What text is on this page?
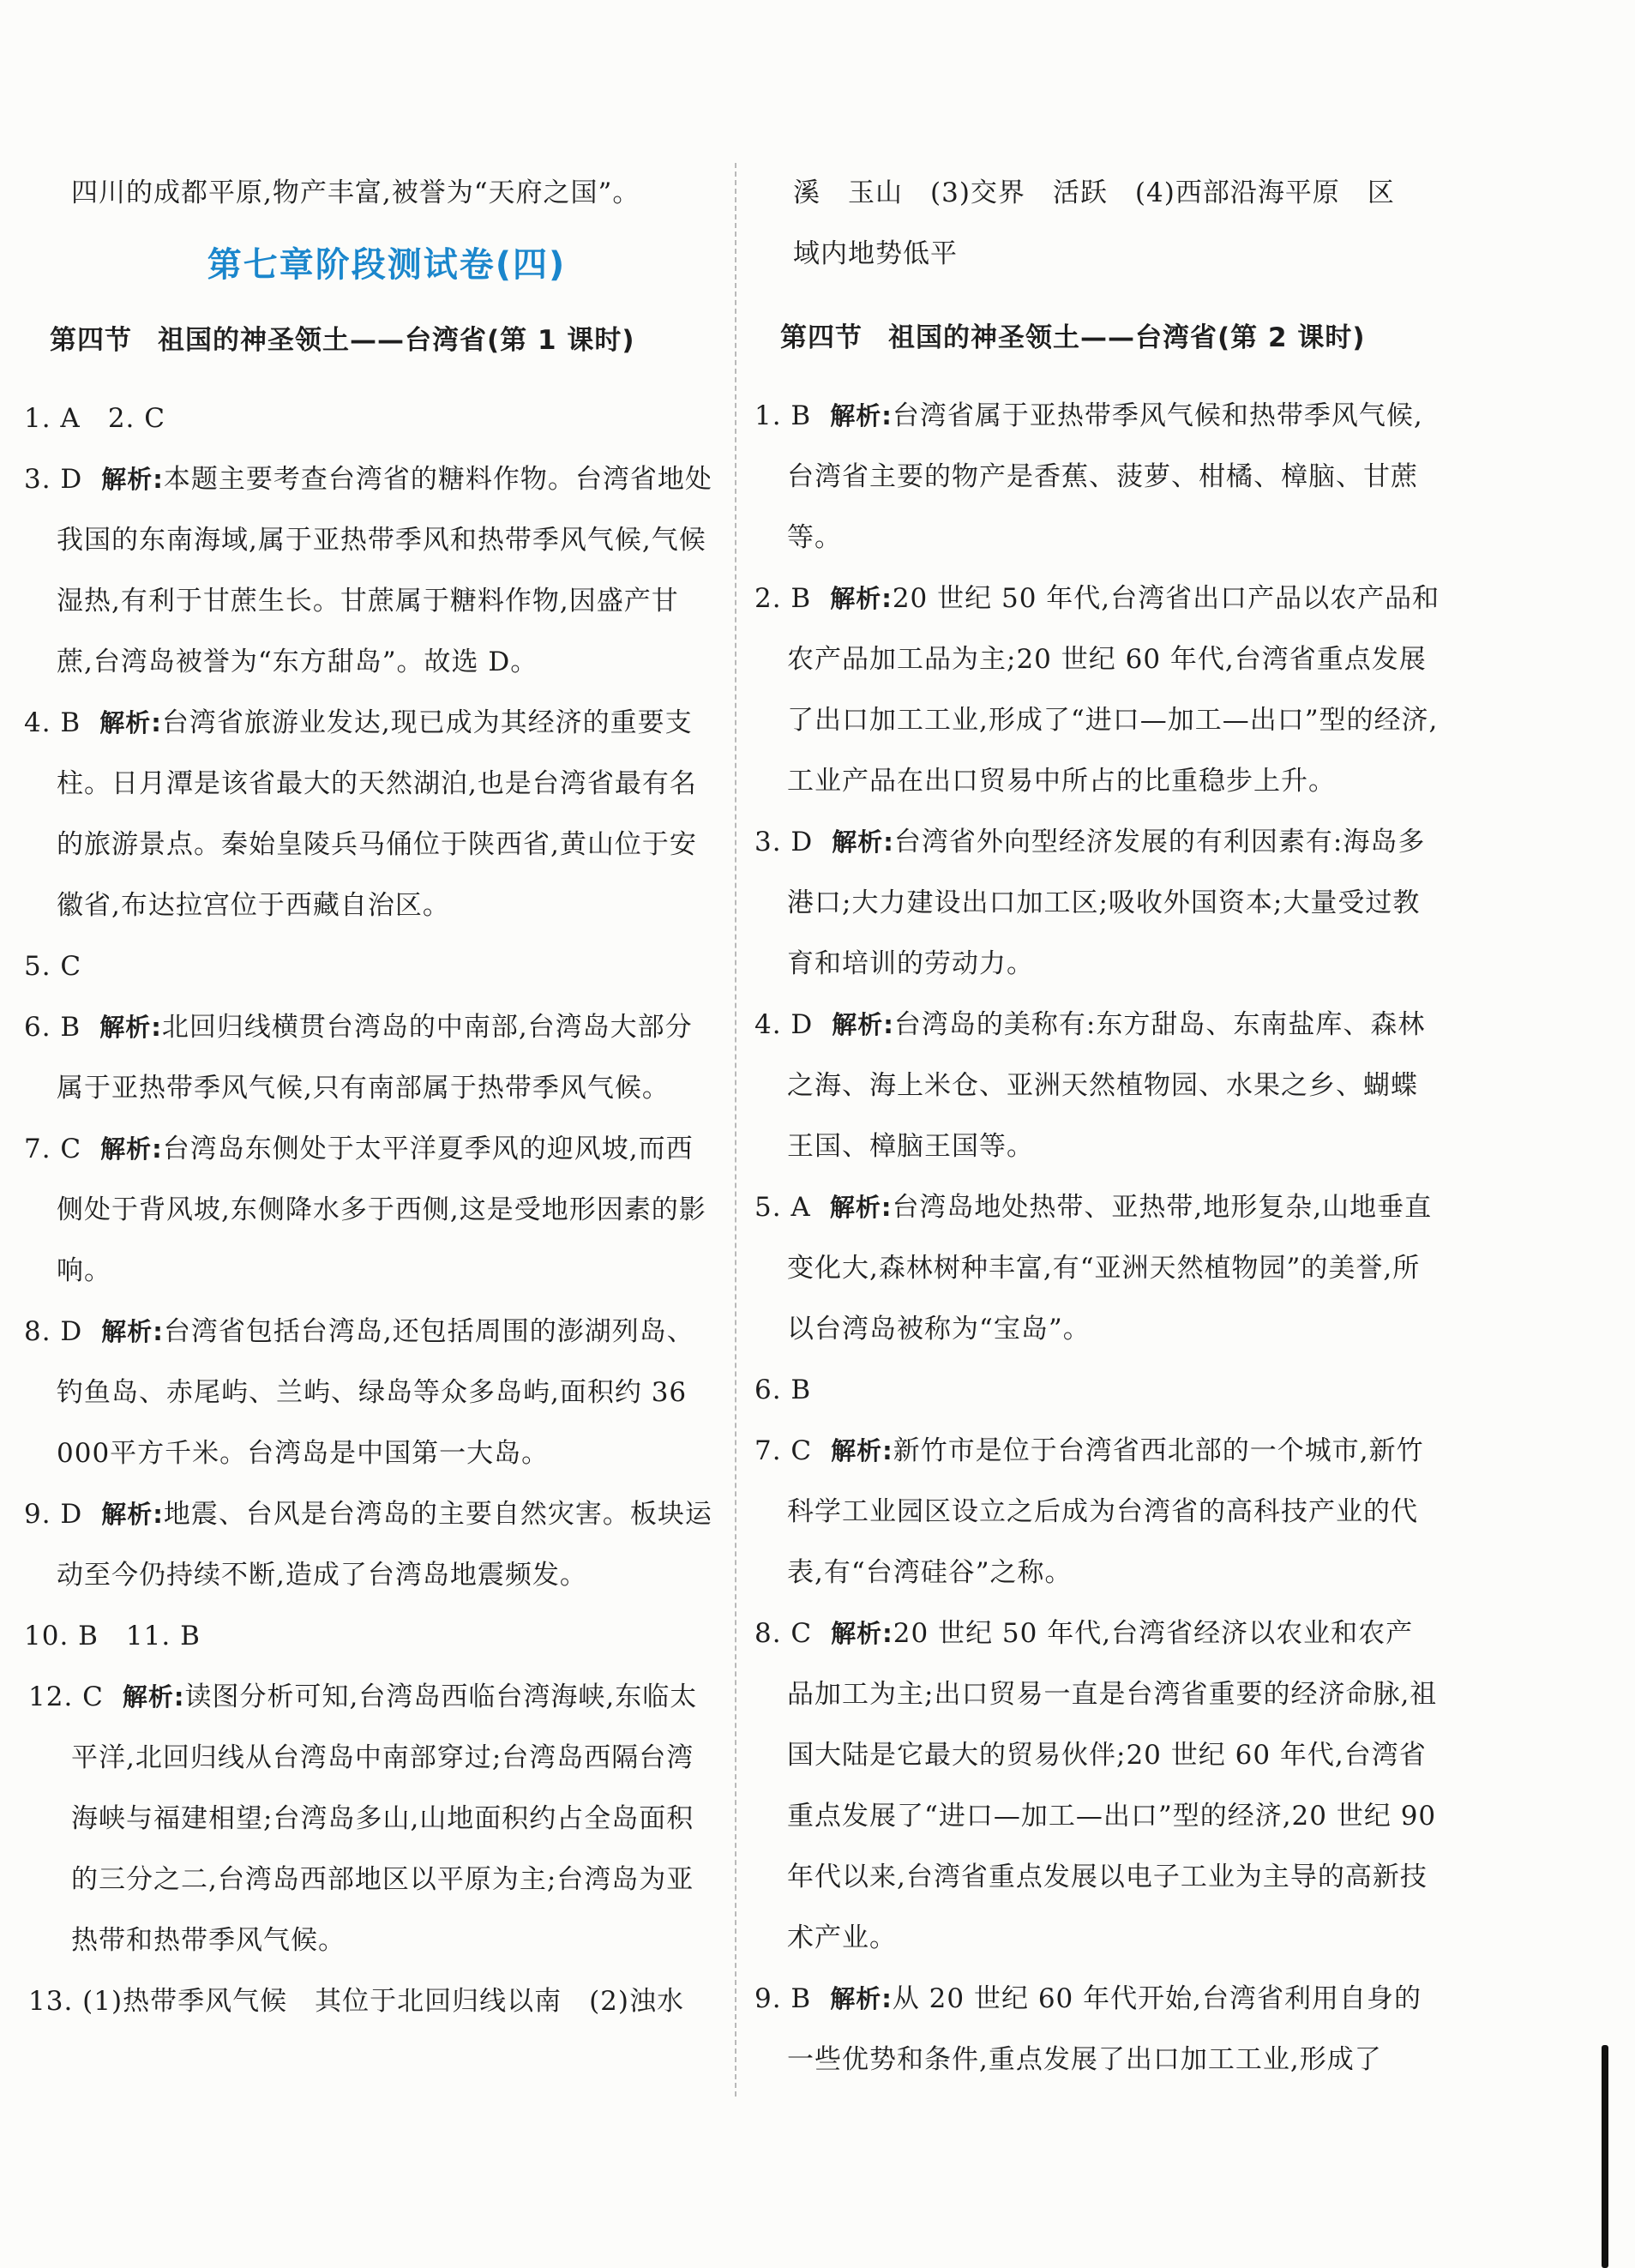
四川的成都平原,物产丰富,被誉为“天府之国”。
第七章阶段测试卷(四)
第四节 祖国的神圣领土——台湾省(第 1 课时)
1. A　2. C
3. D 解析:本题主要考查台湾省的糖料作物。台湾省地处我国的东南海域,属于亚热带季风和热带季风气候,气候湿热,有利于甘蔗生长。甘蔗属于糖料作物,因盛产甘蔗,台湾岛被誉为“东方甜岛”。故选 D。
4. B 解析:台湾省旅游业发达,现已成为其经济的重要支柱。日月潭是该省最大的天然湖泊,也是台湾省最有名的旅游景点。秦始皇陵兵马俑位于陕西省,黄山位于安徽省,布达拉宫位于西藏自治区。
5. C
6. B 解析:北回归线横贯台湾岛的中南部,台湾岛大部分属于亚热带季风气候,只有南部属于热带季风气候。
7. C 解析:台湾岛东侧处于太平洋夏季风的迎风坡,而西侧处于背风坡,东侧降水多于西侧,这是受地形因素的影响。
8. D 解析:台湾省包括台湾岛,还包括周围的澎湖列岛、钓鱼岛、赤尾屿、兰屿、绿岛等众多岛屿,面积约 36 000平方千米。台湾岛是中国第一大岛。
9. D 解析:地震、台风是台湾岛的主要自然灾害。板块运动至今仍持续不断,造成了台湾岛地震频发。
10. B　11. B
12. C 解析:读图分析可知,台湾岛西临台湾海峡,东临太平洋,北回归线从台湾岛中南部穿过;台湾岛西隔台湾海峡与福建相望;台湾岛多山,山地面积约占全岛面积的三分之二,台湾岛西部地区以平原为主;台湾岛为亚热带和热带季风气候。
13. (1)热带季风气候　其位于北回归线以南　(2)浊水
溪　玉山　(3)交界　活跃　(4)西部沿海平原　区
域内地势低平
第四节 祖国的神圣领土——台湾省(第 2 课时)
1. B 解析:台湾省属于亚热带季风气候和热带季风气候,台湾省主要的物产是香蕉、菠萝、柑橘、樟脑、甘蔗等。
2. B 解析:20 世纪 50 年代,台湾省出口产品以农产品和农产品加工品为主;20 世纪 60 年代,台湾省重点发展了出口加工工业,形成了“进口—加工—出口”型的经济,工业产品在出口贸易中所占的比重稳步上升。
3. D 解析:台湾省外向型经济发展的有利因素有:海岛多港口;大力建设出口加工区;吸收外国资本;大量受过教育和培训的劳动力。
4. D 解析:台湾岛的美称有:东方甜岛、东南盐库、森林之海、海上米仓、亚洲天然植物园、水果之乡、蝴蝶王国、樟脑王国等。
5. A 解析:台湾岛地处热带、亚热带,地形复杂,山地垂直变化大,森林树种丰富,有“亚洲天然植物园”的美誉,所以台湾岛被称为“宝岛”。
6. B
7. C 解析:新竹市是位于台湾省西北部的一个城市,新竹科学工业园区设立之后成为台湾省的高科技产业的代表,有“台湾硅谷”之称。
8. C 解析:20 世纪 50 年代,台湾省经济以农业和农产品加工为主;出口贸易一直是台湾省重要的经济命脉,祖国大陆是它最大的贸易伙伴;20 世纪 60 年代,台湾省重点发展了“进口—加工—出口”型的经济,20 世纪 90 年代以来,台湾省重点发展以电子工业为主导的高新技术产业。
9. B 解析:从 20 世纪 60 年代开始,台湾省利用自身的一些优势和条件,重点发展了出口加工工业,形成了
